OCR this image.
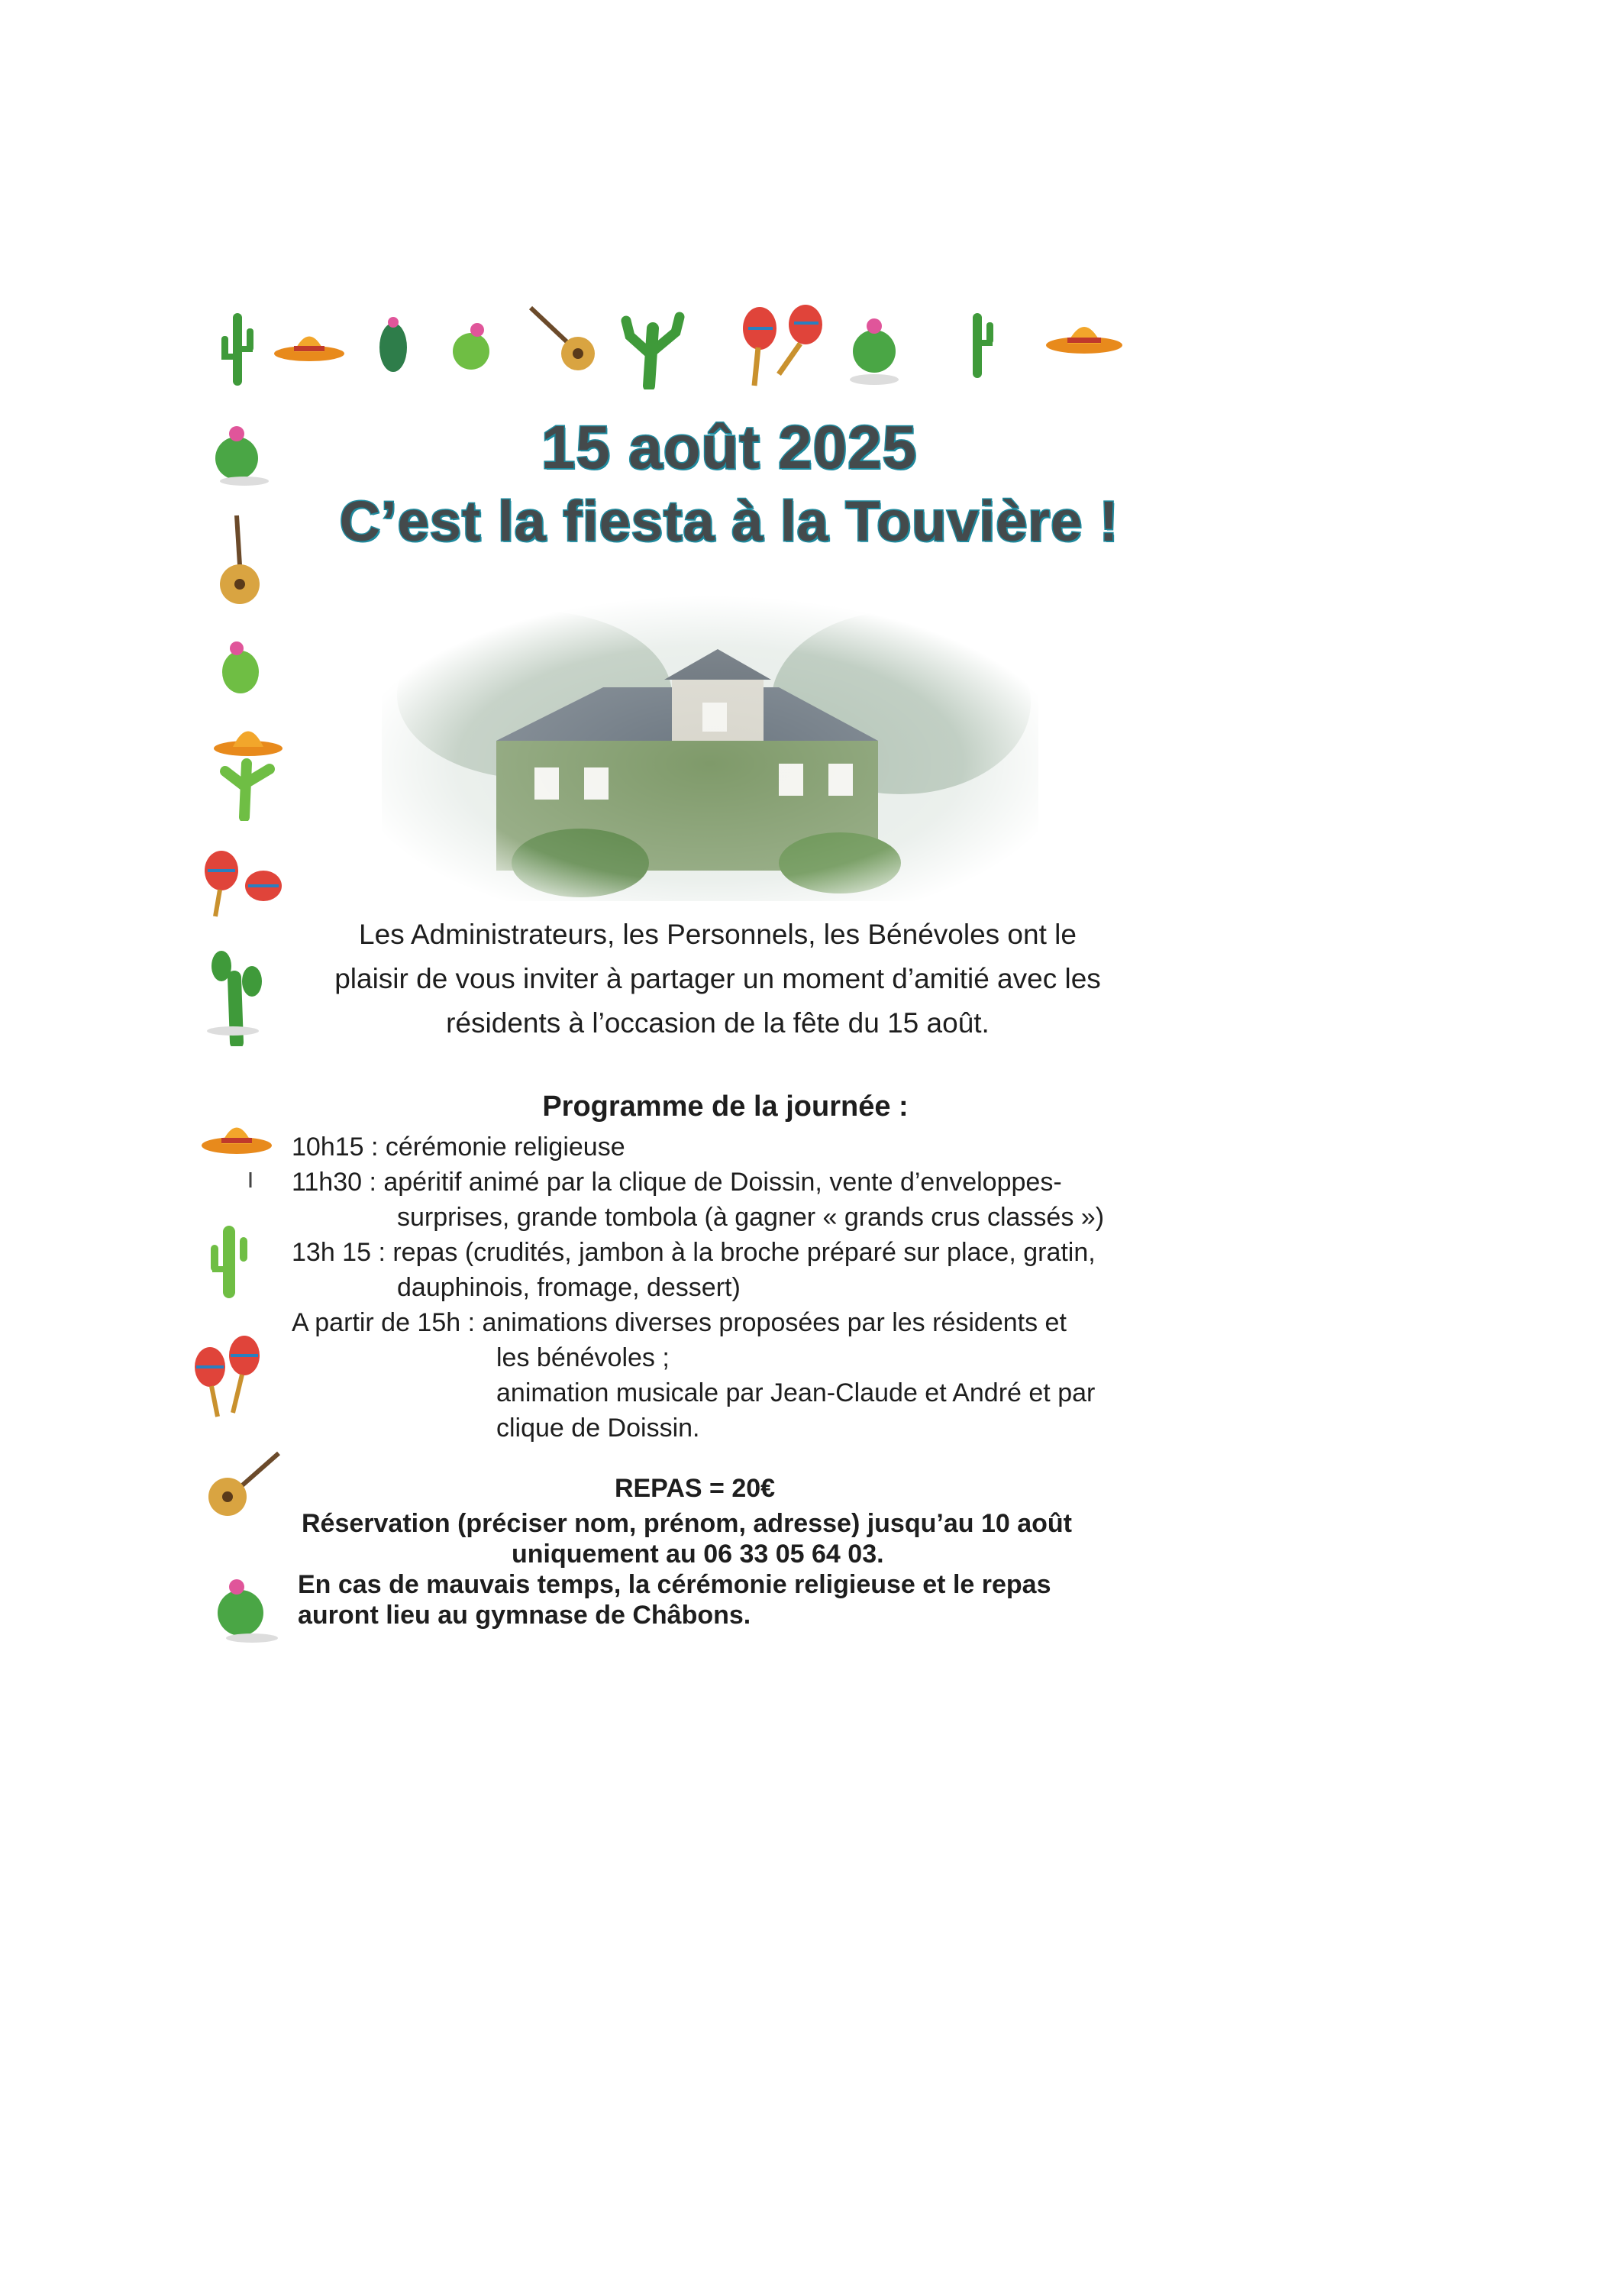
15 août 2025
C’est la fiesta à la Touvière !
Les Administrateurs, les Personnels, les Bénévoles ont le
plaisir de vous inviter à partager un moment d’amitié avec les
résidents à l’occasion de la fête du 15 août.
Programme de la journée :
10h15 : cérémonie religieuse
11h30 : apéritif animé par la clique de Doissin, vente d’enveloppes-
surprises, grande tombola (à gagner « grands crus classés »)
13h 15 : repas (crudités, jambon à la broche préparé sur place, gratin,
dauphinois, fromage, dessert)
A partir de 15h : animations diverses proposées par les résidents et
les bénévoles ;
animation musicale par Jean-Claude et André et par
clique de Doissin.
REPAS = 20€
Réservation (préciser nom, prénom, adresse) jusqu’au 10 août
uniquement au 06 33 05 64 03.
En cas de mauvais temps, la cérémonie religieuse et le repas
auront lieu au gymnase de Châbons.
